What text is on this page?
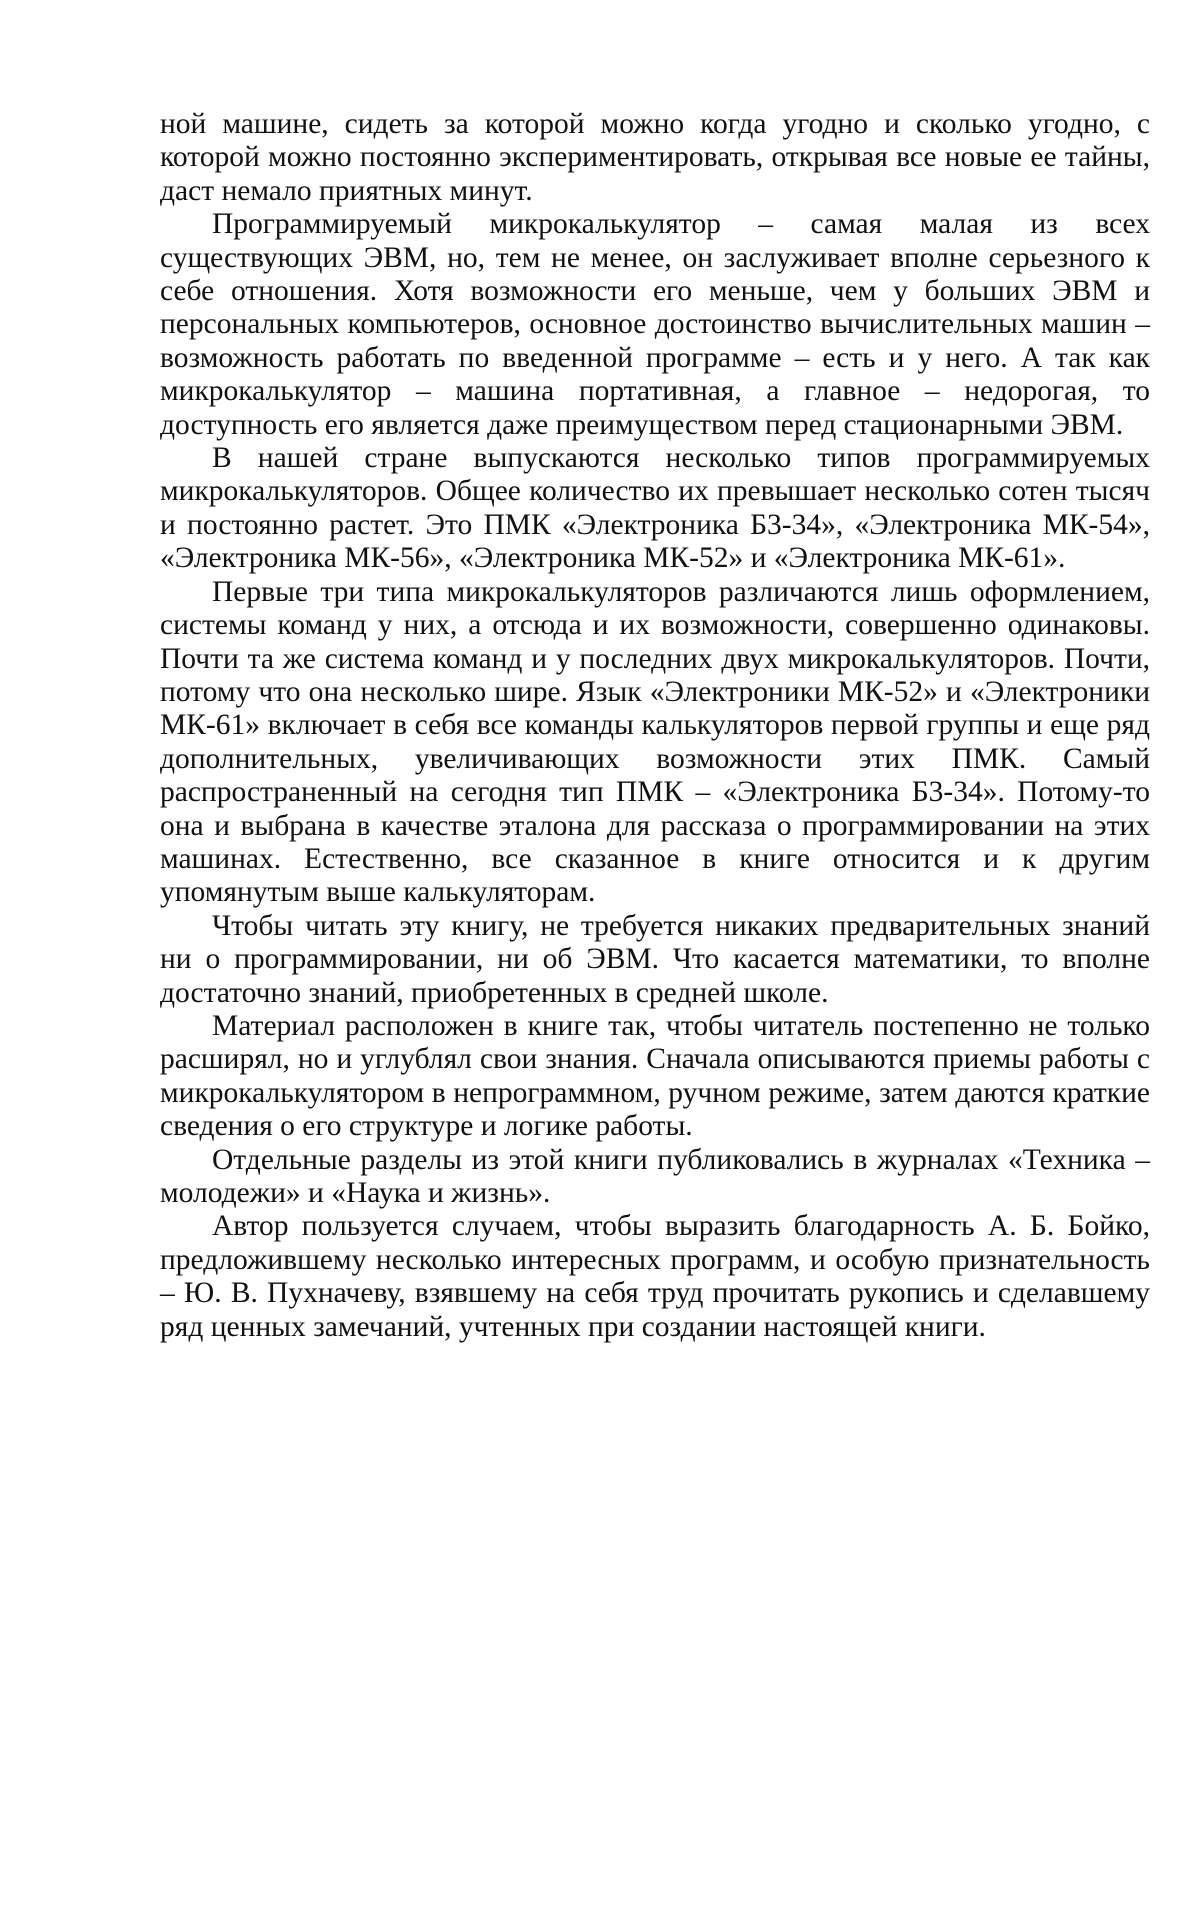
ной машине, сидеть за которой можно когда угодно и сколько угодно, с которой можно постоянно экспериментировать, открывая все новые ее тайны, даст немало приятных минут.

Программируемый микрокалькулятор – самая малая из всех существующих ЭВМ, но, тем не менее, он заслуживает вполне серьезного к себе отношения. Хотя возможности его меньше, чем у больших ЭВМ и персональных компьютеров, основное достоинство вычислительных машин – возможность работать по введенной программе – есть и у него. А так как микрокалькулятор – машина портативная, а главное – недорогая, то доступность его является даже преимуществом перед стационарными ЭВМ.

В нашей стране выпускаются несколько типов программируемых микрокалькуляторов. Общее количество их превышает несколько сотен тысяч и постоянно растет. Это ПМК «Электроника Б3-34», «Электроника МК-54», «Электроника МК-56», «Электроника МК-52» и «Электроника МК-61».

Первые три типа микрокалькуляторов различаются лишь оформлением, системы команд у них, а отсюда и их возможности, совершенно одинаковы. Почти та же система команд и у последних двух микрокалькуляторов. Почти, потому что она несколько шире. Язык «Электроники МК-52» и «Электроники МК-61» включает в себя все команды калькуляторов первой группы и еще ряд дополнительных, увеличивающих возможности этих ПМК. Самый распространенный на сегодня тип ПМК – «Электроника Б3-34». Потому-то она и выбрана в качестве эталона для рассказа о программировании на этих машинах. Естественно, все сказанное в книге относится и к другим упомянутым выше калькуляторам.

Чтобы читать эту книгу, не требуется никаких предварительных знаний ни о программировании, ни об ЭВМ. Что касается математики, то вполне достаточно знаний, приобретенных в средней школе.

Материал расположен в книге так, чтобы читатель постепенно не только расширял, но и углублял свои знания. Сначала описываются приемы работы с микрокалькулятором в непрограммном, ручном режиме, затем даются краткие сведения о его структуре и логике работы.

Отдельные разделы из этой книги публиковались в журналах «Техника – молодежи» и «Наука и жизнь».

Автор пользуется случаем, чтобы выразить благодарность А. Б. Бойко, предложившему несколько интересных программ, и особую признательность – Ю. В. Пухначеву, взявшему на себя труд прочитать рукопись и сделавшему ряд ценных замечаний, учтенных при создании настоящей книги.
